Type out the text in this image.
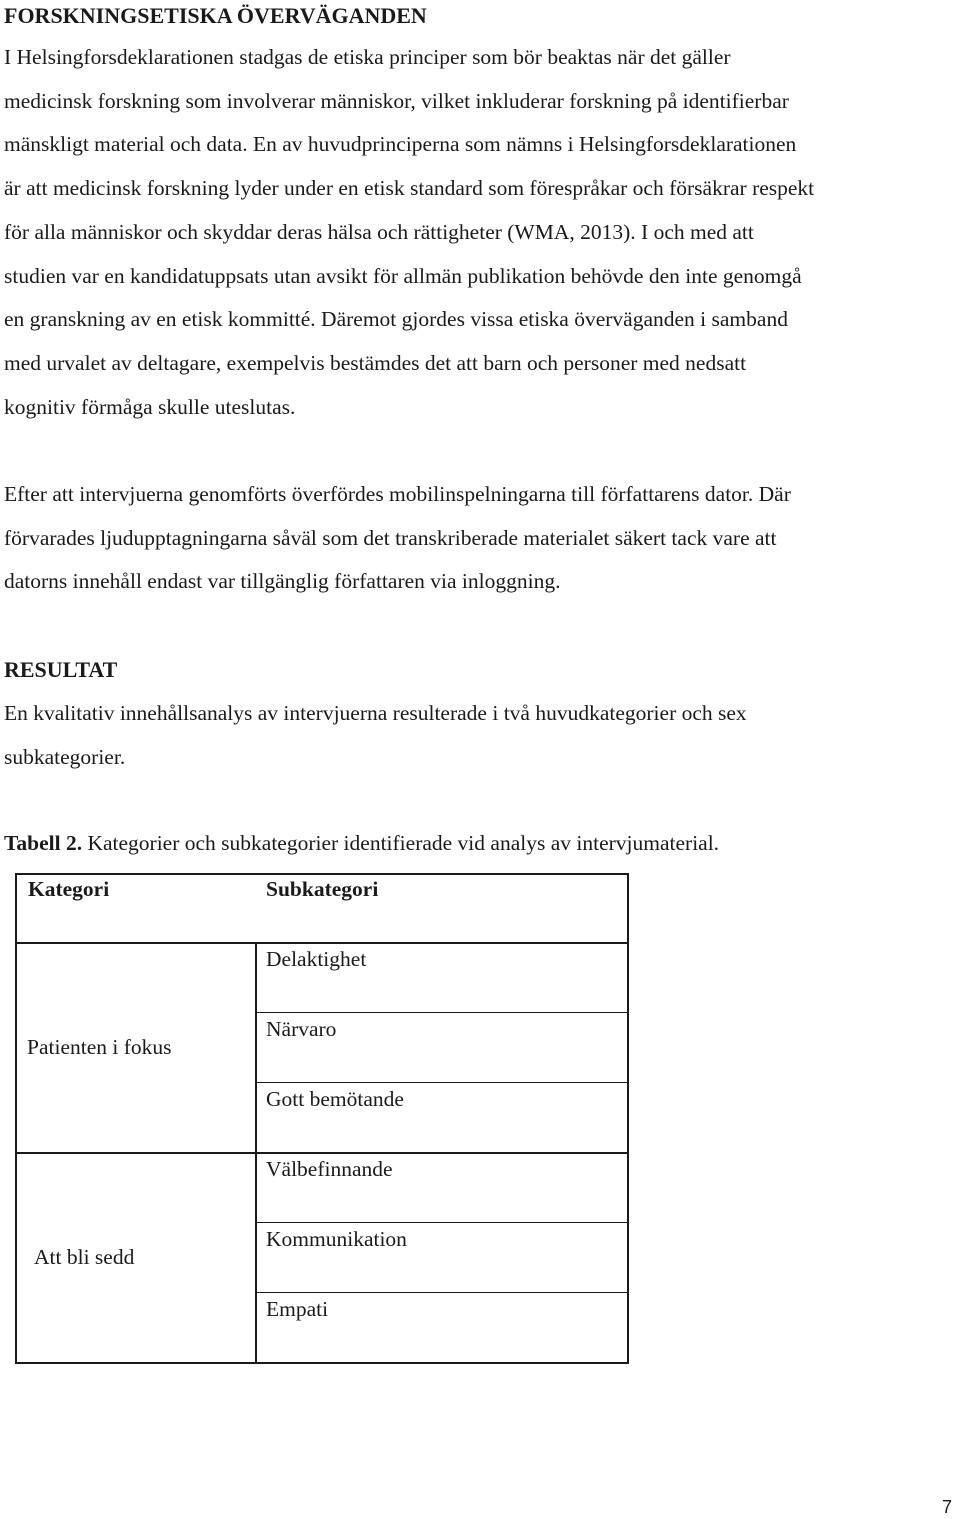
FORSKNINGSETISKA ÖVERVÄGANDEN

I Helsingforsdeklarationen stadgas de etiska principer som bör beaktas när det gäller
medicinsk forskning som involverar människor, vilket inkluderar forskning på identifierbar
mänskligt material och data. En av huvudprinciperna som nämns i Helsingforsdeklarationen
är att medicinsk forskning lyder under en etisk standard som förespråkar och försäkrar respekt
för alla människor och skyddar deras hälsa och rättigheter (WMA, 2013). I och med att
studien var en kandidatuppsats utan avsikt för allmän publikation behövde den inte genomgå
en granskning av en etisk kommitté. Däremot gjordes vissa etiska överväganden i samband
med urvalet av deltagare, exempelvis bestämdes det att barn och personer med nedsatt
kognitiv förmåga skulle uteslutas.

Efter att intervjuerna genomförts överfördes mobilinspelningarna till författarens dator. Där
förvarades ljudupptagningarna såväl som det transkriberade materialet säkert tack vare att
datorns innehåll endast var tillgänglig författaren via inloggning.

RESULTAT

En kvalitativ innehållsanalys av intervjuerna resulterade i två huvudkategorier och sex
subkategorier.

Tabell 2. Kategorier och subkategorier identifierade vid analys av intervjumaterial.
Kategori	Subkategori
Patienten i fokus
Att bli sedd
Delaktighet
Närvaro
Gott bemötande
Välbefinnande
Kommunikation
Empati
7
